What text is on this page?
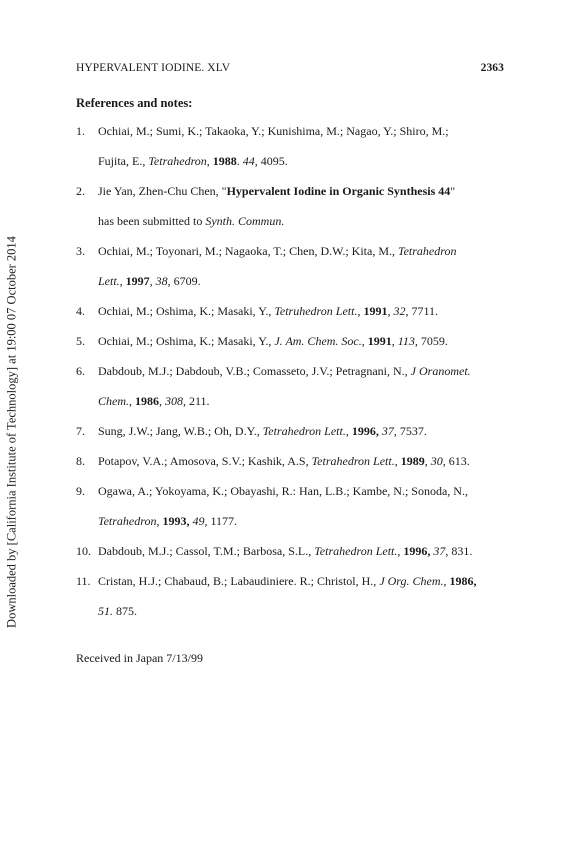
Downloaded by [California Institute of Technology] at 19:00 07 October 2014
HYPERVALENT IODINE. XLV	2363
References and notes:
1.	Ochiai, M.; Sumi, K.; Takaoka, Y.; Kunishima, M.; Nagao, Y.; Shiro, M.;
Fujita, E., Tetrahedron, 1988. 44, 4095.
2.	Jie Yan, Zhen-Chu Chen, "Hypervalent Iodine in Organic Synthesis 44"
has been submitted to Synth. Commun.
3.	Ochiai, M.; Toyonari, M.; Nagaoka, T.; Chen, D.W.; Kita, M., Tetrahedron
Lett., 1997, 38, 6709.
4.	Ochiai, M.; Oshima, K.; Masaki, Y., Tetruhedron Lett., 1991, 32, 7711.
5.	Ochiai, M.; Oshima, K.; Masaki, Y., J. Am. Chem. Soc., 1991, 113, 7059.
6.	Dabdoub, M.J.; Dabdoub, V.B.; Comasseto, J.V.; Petragnani, N., J Oranomet.
Chem., 1986, 308, 211.
7.	Sung, J.W.; Jang, W.B.; Oh, D.Y., Tetrahedron Lett., 1996, 37, 7537.
8.	Potapov, V.A.; Amosova, S.V.; Kashik, A.S, Tetrahedron Lett., 1989, 30, 613.
9.	Ogawa, A.; Yokoyama, K.; Obayashi, R.: Han, L.B.; Kambe, N.; Sonoda, N.,
Tetrahedron, 1993, 49, 1177.
10. Dabdoub, M.J.; Cassol, T.M.; Barbosa, S.L., Tetrahedron Lett., 1996, 37, 831.
11. Cristan, H.J.; Chabaud, B.; Labaudiniere. R.; Christol, H., J Org. Chem., 1986,
51. 875.
Received in Japan 7/13/99
